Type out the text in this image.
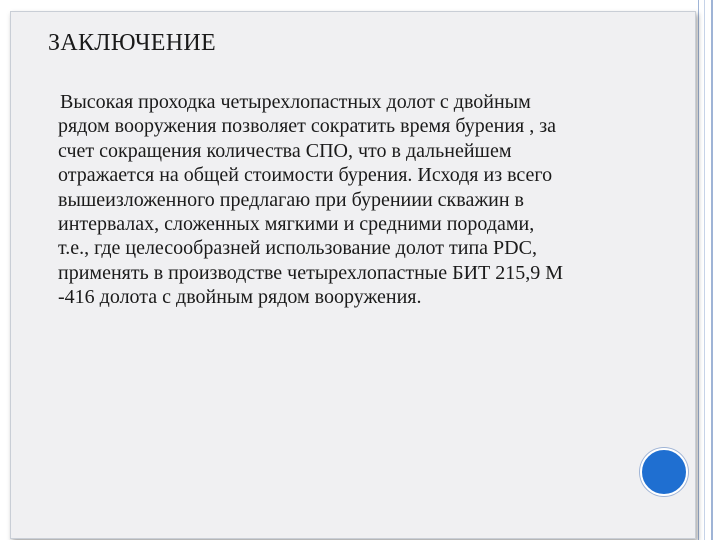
ЗАКЛЮЧЕНИЕ

Высокая проходка четырехлопастных долот с двойным
рядом вооружения позволяет сократить время бурения , за
счет сокращения количества СПО, что в дальнейшем
отражается на общей стоимости бурения. Исходя из всего
вышеизложенного предлагаю при бурениии скважин в
интервалах, сложенных мягкими и средними породами,
т.е., где целесообразней использование долот типа PDC,
применять в производстве четырехлопастные БИТ 215,9 М
-416 долота с двойным рядом вооружения.
